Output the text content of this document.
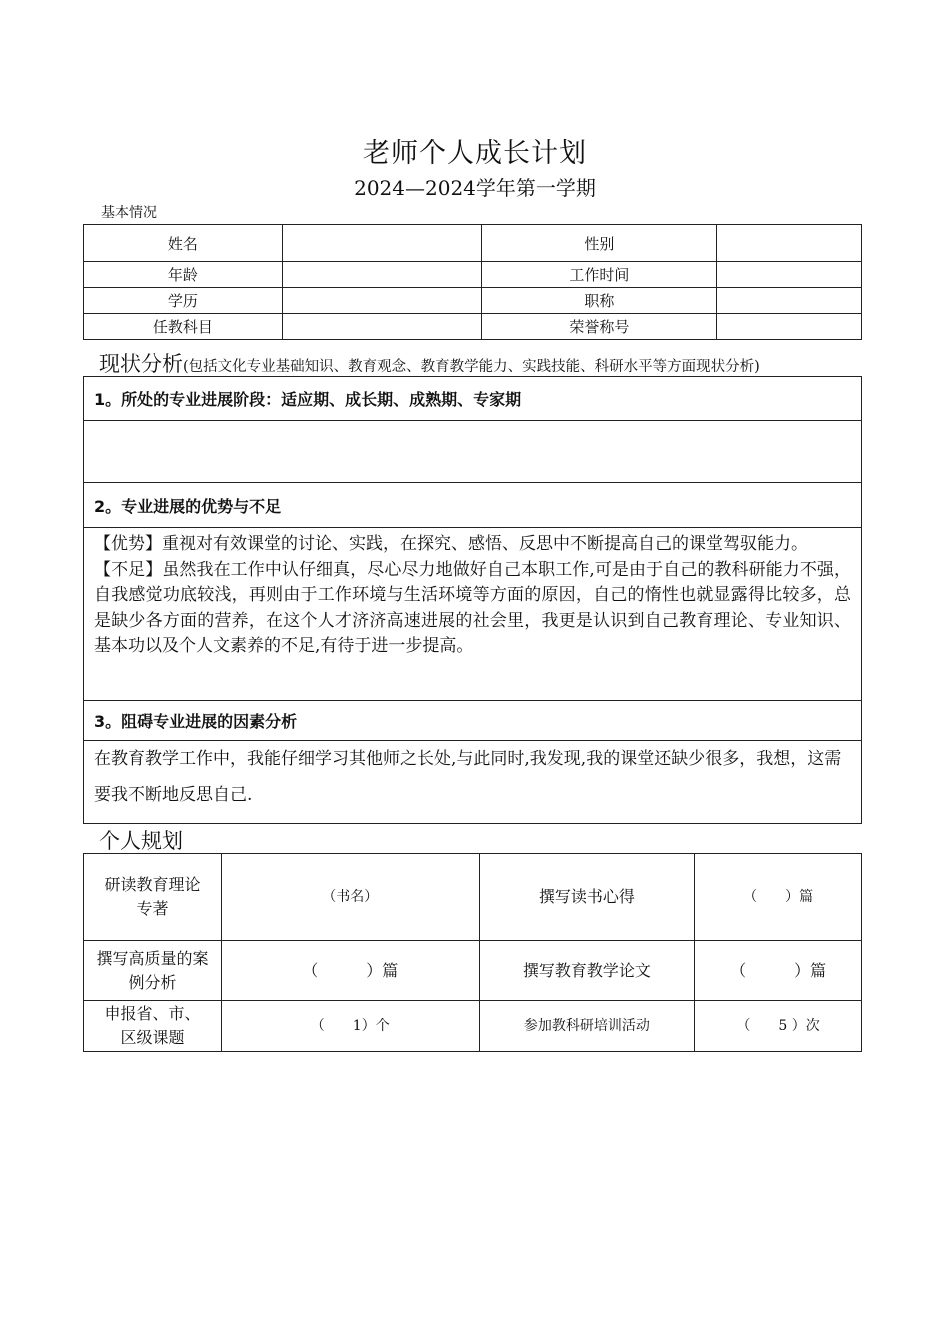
老师个人成长计划
2024—2024学年第一学期
基本情况
姓名		性别	
年龄		工作时间	
学历		职称	
任教科目		荣誉称号	
现状分析(包括文化专业基础知识、教育观念、教育教学能力、实践技能、科研水平等方面现状分析)
1。所处的专业进展阶段：适应期、成长期、成熟期、专家期

2。专业进展的优势与不足

【优势】重视对有效课堂的讨论、实践，在探究、感悟、反思中不断提高自己的课堂驾驭能力。
【不足】虽然我在工作中认仔细真，尽心尽力地做好自己本职工作,可是由于自己的教科研能力不强，自我感觉功底较浅，再则由于工作环境与生活环境等方面的原因，自己的惰性也就显露得比较多，总是缺少各方面的营养，在这个人才济济高速进展的社会里，我更是认识到自己教育理论、专业知识、基本功以及个人文素养的不足,有待于进一步提高。

3。阻碍专业进展的因素分析

在教育教学工作中，我能仔细学习其他师之长处,与此同时,我发现,我的课堂还缺少很多，我想，这需要我不断地反思自己.
个人规划
研读教育理论专著	（书名）	撰写读书心得	（　　）篇

撰写高质量的案例分析	（　　　）篇	撰写教育教学论文	（　　　）篇

申报省、市、区级课题	（　　1）个	参加教科研培训活动	（　　5 ）次
